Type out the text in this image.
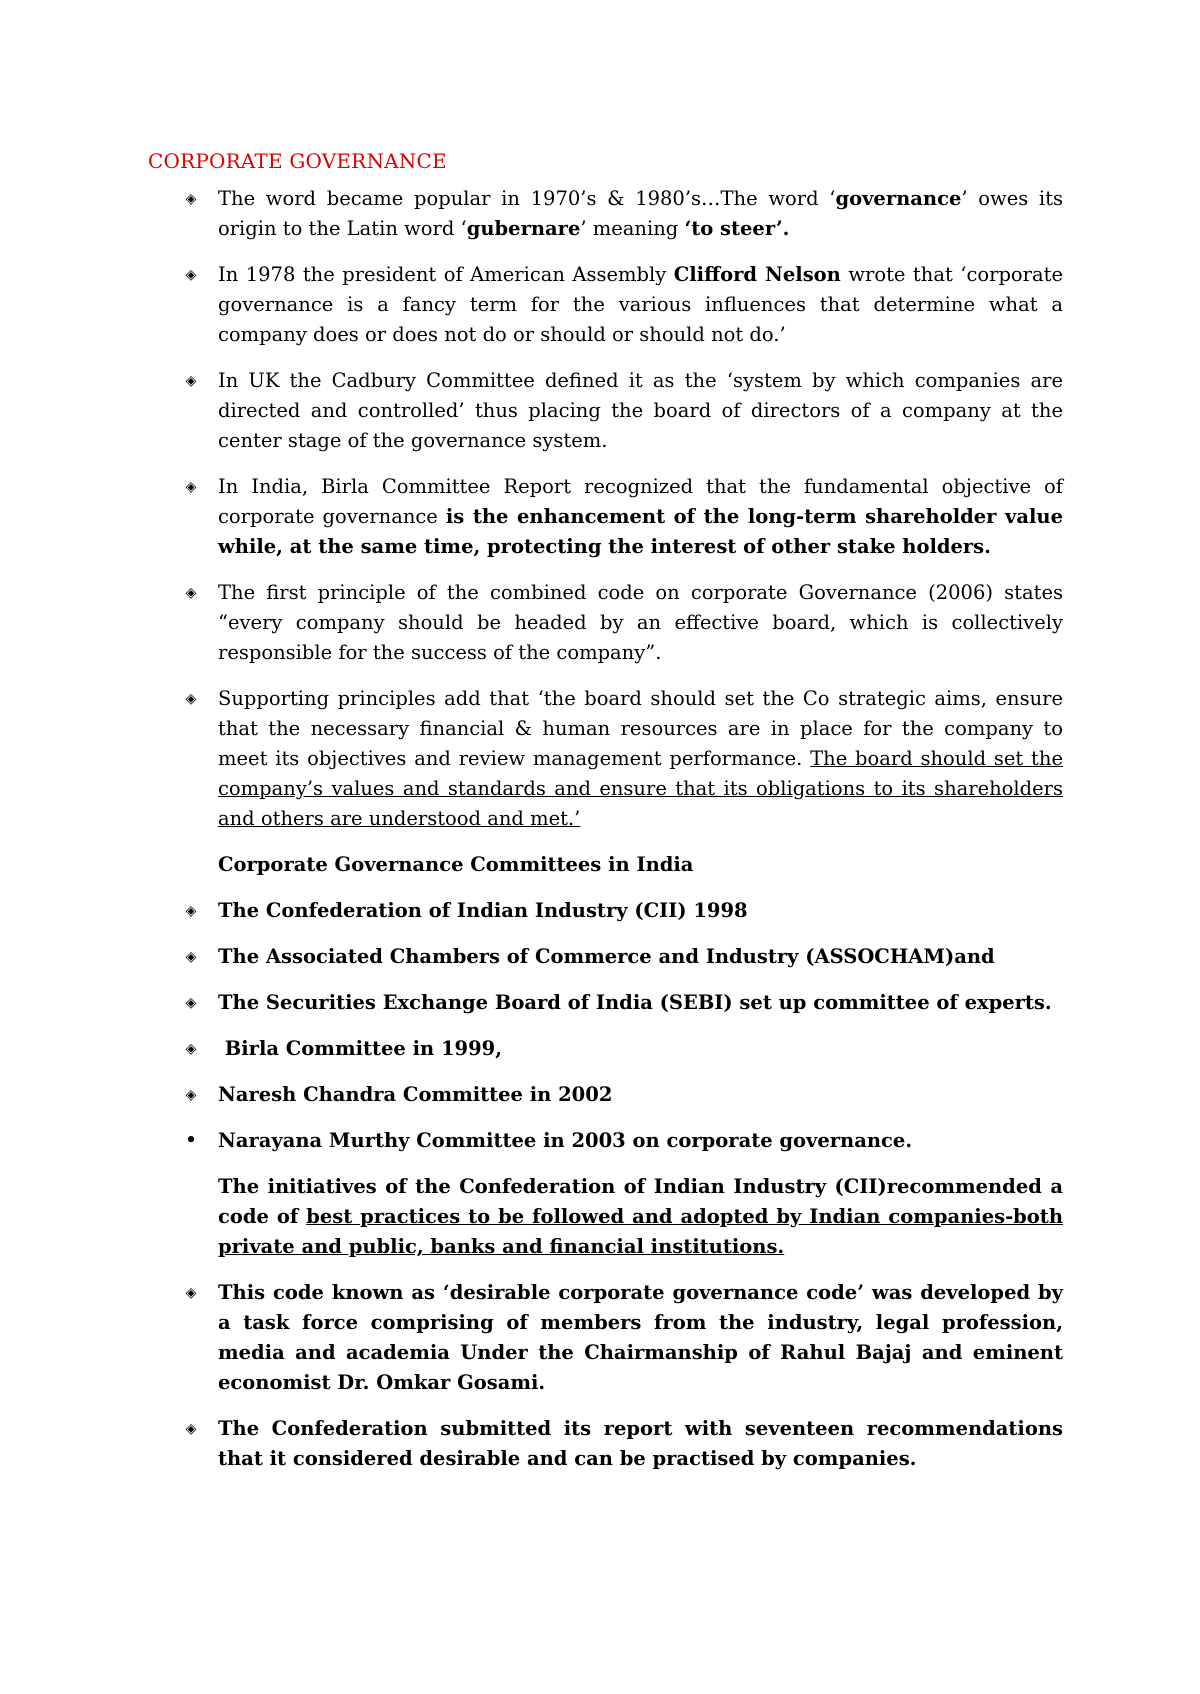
CORPORATE GOVERNANCE
◈ The word became popular in 1970’s & 1980’s…The word ‘governance’ owes its origin to the Latin word ‘gubernare’ meaning ‘to steer’.
◈ In 1978 the president of American Assembly Clifford Nelson wrote that ‘corporate governance is a fancy term for the various influences that determine what a company does or does not do or should or should not do.’
◈ In UK the Cadbury Committee defined it as the ‘system by which companies are directed and controlled’ thus placing the board of directors of a company at the center stage of the governance system.
◈ In India, Birla Committee Report recognized that the fundamental objective of corporate governance is the enhancement of the long-term shareholder value while, at the same time, protecting the interest of other stake holders.
◈ The first principle of the combined code on corporate Governance (2006) states “every company should be headed by an effective board, which is collectively responsible for the success of the company”.
◈ Supporting principles add that ‘the board should set the Co strategic aims, ensure that the necessary financial & human resources are in place for the company to meet its objectives and review management performance. The board should set the company’s values and standards and ensure that its obligations to its shareholders and others are understood and met.’
Corporate Governance Committees in India
◈ The Confederation of Indian Industry (CII) 1998
◈ The Associated Chambers of Commerce and Industry (ASSOCHAM)and
◈ The Securities Exchange Board of India (SEBI) set up committee of experts.
◈ Birla Committee in 1999,
◈ Naresh Chandra Committee in 2002
• Narayana Murthy Committee in 2003 on corporate governance.
The initiatives of the Confederation of Indian Industry (CII)recommended a code of best practices to be followed and adopted by Indian companies-both private and public, banks and financial institutions.
◈ This code known as ‘desirable corporate governance code’ was developed by a task force comprising of members from the industry, legal profession, media and academia Under the Chairmanship of Rahul Bajaj and eminent economist Dr. Omkar Gosami.
◈ The Confederation submitted its report with seventeen recommendations that it considered desirable and can be practised by companies.
